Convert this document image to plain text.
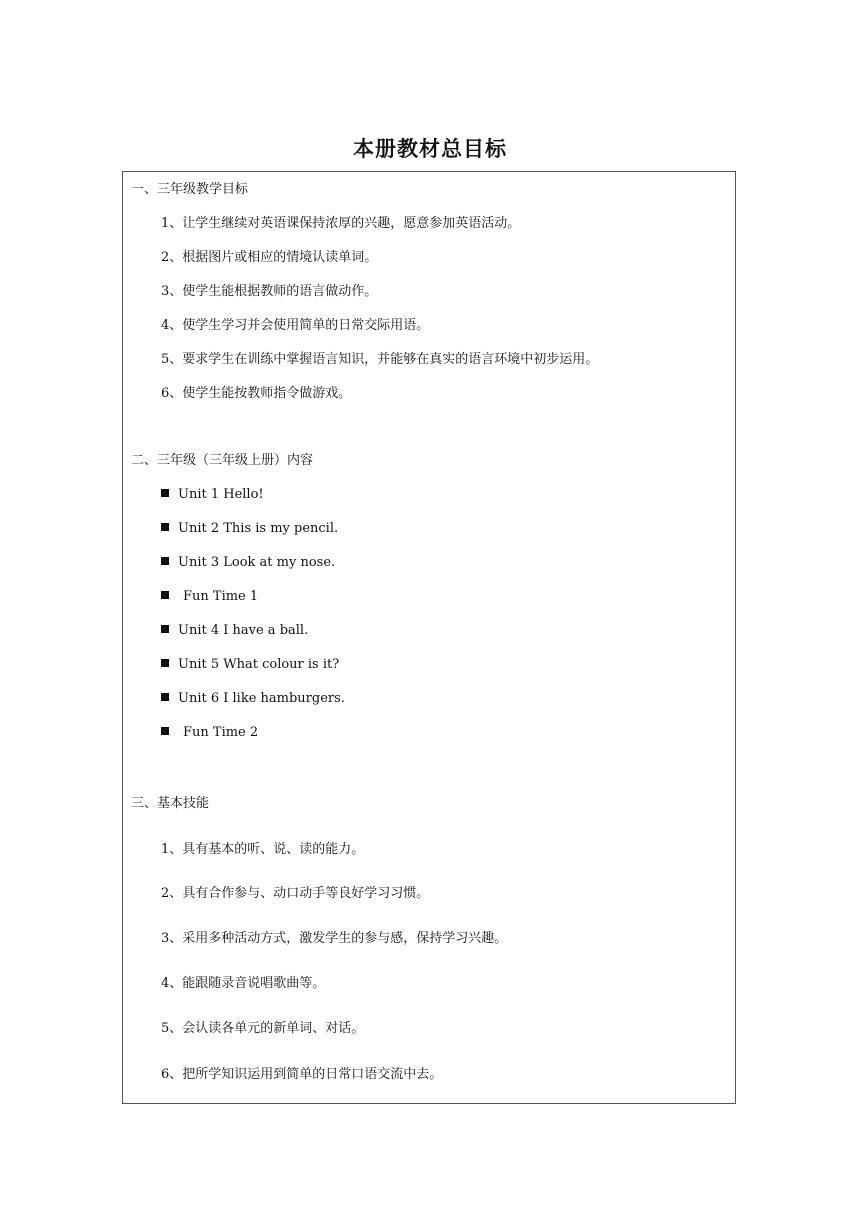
本册教材总目标
一、三年级教学目标
1、让学生继续对英语课保持浓厚的兴趣，愿意参加英语活动。
2、根据图片或相应的情境认读单词。
3、使学生能根据教师的语言做动作。
4、使学生学习并会使用简单的日常交际用语。
5、要求学生在训练中掌握语言知识，并能够在真实的语言环境中初步运用。
6、使学生能按教师指令做游戏。
二、三年级（三年级上册）内容
Unit 1 Hello!
Unit 2 This is my pencil.
Unit 3 Look at my nose.
Fun Time 1
Unit 4 I have a ball.
Unit 5 What colour is it?
Unit 6 I like hamburgers.
Fun Time 2
三、基本技能
1、具有基本的听、说、读的能力。
2、具有合作参与、动口动手等良好学习习惯。
3、采用多种活动方式，激发学生的参与感，保持学习兴趣。
4、能跟随录音说唱歌曲等。
5、会认读各单元的新单词、对话。
6、把所学知识运用到简单的日常口语交流中去。
